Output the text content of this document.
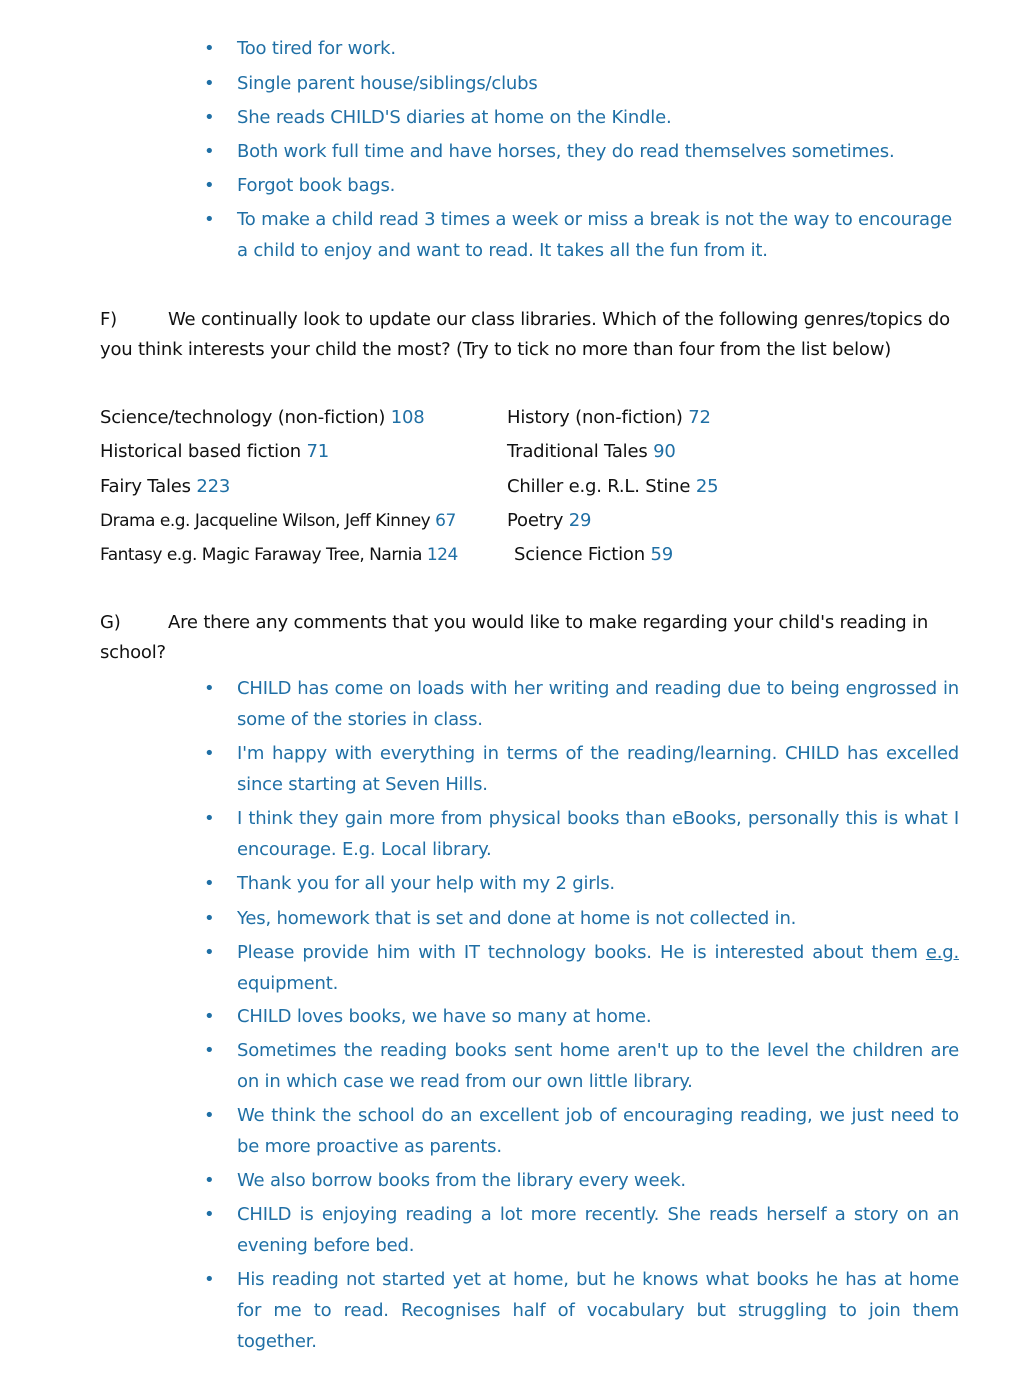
• Too tired for work.
• Single parent house/siblings/clubs
• She reads CHILD'S diaries at home on the Kindle.
• Both work full time and have horses, they do read themselves sometimes.
• Forgot book bags.
• To make a child read 3 times a week or miss a break is not the way to encourage a child to enjoy and want to read. It takes all the fun from it.
F)	We continually look to update our class libraries. Which of the following genres/topics do you think interests your child the most? (Try to tick no more than four from the list below)
Science/technology (non-fiction) 108	History (non-fiction) 72
Historical based fiction 71	Traditional Tales 90
Fairy Tales 223	Chiller e.g. R.L. Stine 25
Drama e.g. Jacqueline Wilson, Jeff Kinney 67	Poetry 29
Fantasy e.g. Magic Faraway Tree, Narnia 124	Science Fiction 59
G)	Are there any comments that you would like to make regarding your child's reading in school?
• CHILD has come on loads with her writing and reading due to being engrossed in some of the stories in class.
• I'm happy with everything in terms of the reading/learning. CHILD has excelled since starting at Seven Hills.
• I think they gain more from physical books than eBooks, personally this is what I encourage. E.g. Local library.
• Thank you for all your help with my 2 girls.
• Yes, homework that is set and done at home is not collected in.
• Please provide him with IT technology books. He is interested about them e.g. equipment.
• CHILD loves books, we have so many at home.
• Sometimes the reading books sent home aren't up to the level the children are on in which case we read from our own little library.
• We think the school do an excellent job of encouraging reading, we just need to be more proactive as parents.
• We also borrow books from the library every week.
• CHILD is enjoying reading a lot more recently. She reads herself a story on an evening before bed.
• His reading not started yet at home, but he knows what books he has at home for me to read. Recognises half of vocabulary but struggling to join them together.
